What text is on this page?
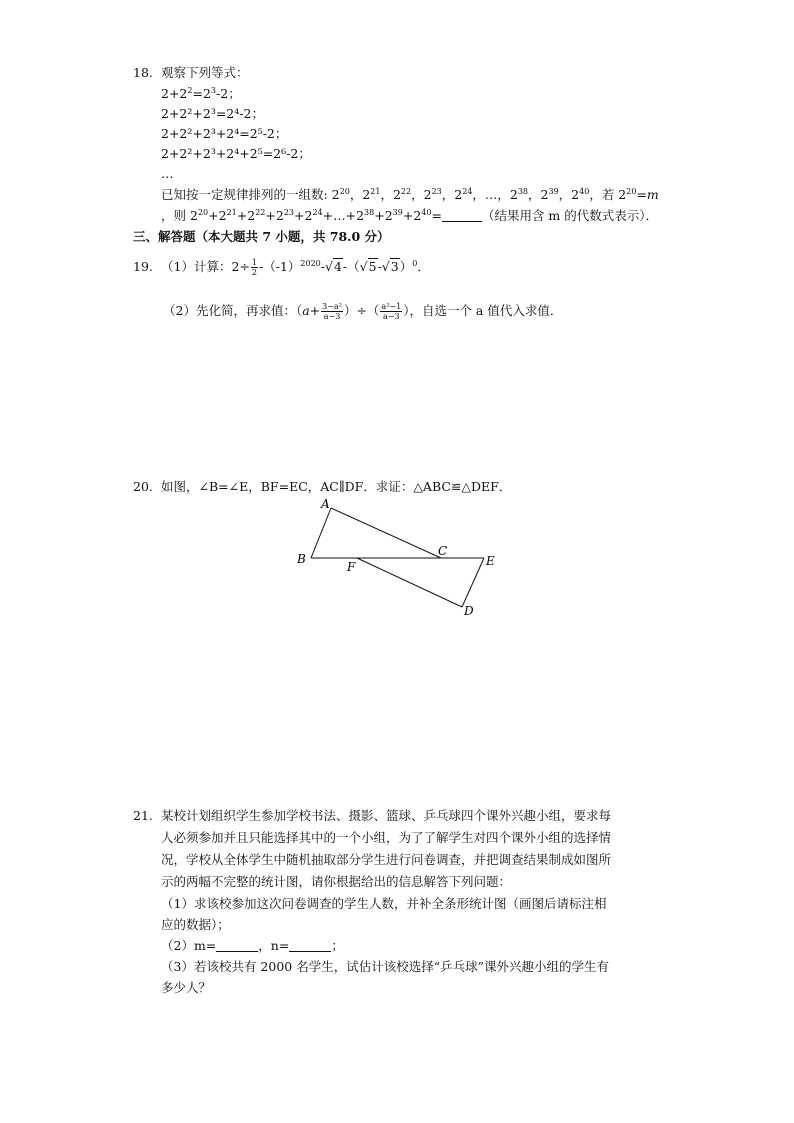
18. 观察下列等式：
$2+2^2=2^3-2$；
2+2²+2³=2⁴-2；
2+2²+2³+2⁴=2⁵-2；
2+2²+2³+2⁴+2⁵=2⁶-2；
…
已知按一定规律排列的一组数: $2^{20}$，$2^{21}$，$2^{22}$，$2^{23}$，$2^{24}$，…，$2^{38}$，$2^{39}$，$2^{40}$，若 $2^{20}=m$
，则 $2^{20}+2^{21}+2^{22}+2^{23}+2^{24}+\dots+2^{38}+2^{39}+2^{40}=$	（结果用含 m 的代数式表示）．
三、解答题（本大题共 7 小题，共 78.0 分）
19. （1）计算：$2\div \frac{1}{2} -(-1)^{2020}-√4-(√5-√3)^0$．
（2）先化简，再求值：（$a+ \frac{\text{3−a²}}{a-3}$ ）÷（ $\frac{\text{a²−1}}{a-3}$ ），自选一个 a 值代入求值．
20. 如图，∠B=∠E，BF=EC，AC∥DF．求证：△ABC≌△DEF．
A
B
C
D
E
F
21. 某校计划组织学生参加学校书法、摄影、篮球、乒乓球四个课外兴趣小组，要求每
人必须参加并且只能选择其中的一个小组，为了了解学生对四个课外小组的选择情
况，学校从全体学生中随机抽取部分学生进行问卷调查，并把调查结果制成如图所
示的两幅不完整的统计图，请你根据给出的信息解答下列问题：
（1）求该校参加这次问卷调查的学生人数，并补全条形统计图（画图后请标注相
应的数据）；
（2）m=	，n=	；
（3）若该校共有 2000 名学生，试估计该校选择“乒乓球”课外兴趣小组的学生有
多少人？
